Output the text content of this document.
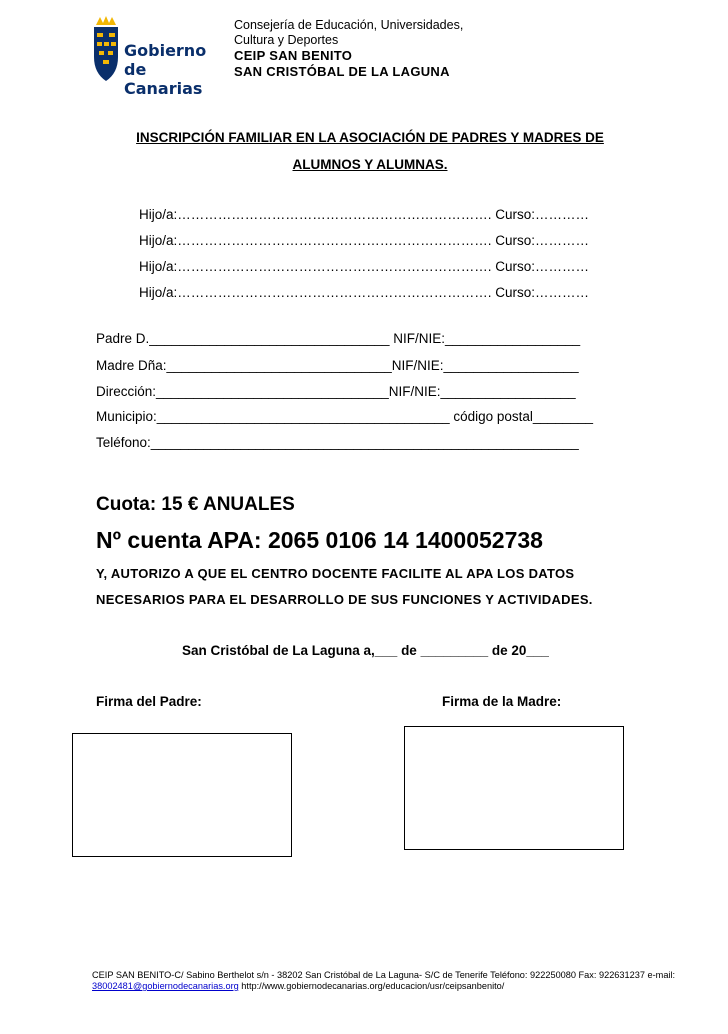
Gobierno
de Canarias
Consejería de Educación, Universidades,
Cultura y Deportes
CEIP SAN BENITO
SAN CRISTÓBAL DE LA LAGUNA
INSCRIPCIÓN FAMILIAR EN LA ASOCIACIÓN DE PADRES Y MADRES DE
ALUMNOS Y ALUMNAS.
Hijo/a:……………………………………………………………. Curso:…………
Hijo/a:……………………………………………………………. Curso:…………
Hijo/a:……………………………………………………………. Curso:…………
Hijo/a:……………………………………………………………. Curso:…………
Padre D.________________________________ NIF/NIE:__________________
Madre Dña:______________________________NIF/NIE:__________________
Dirección:_______________________________NIF/NIE:__________________
Municipio:_______________________________________ código postal________
Teléfono:_________________________________________________________
Cuota: 15 € ANUALES
Nº cuenta APA: 2065 0106 14 1400052738
Y, AUTORIZO A QUE EL CENTRO DOCENTE FACILITE AL APA LOS DATOS
NECESARIOS PARA EL DESARROLLO DE SUS FUNCIONES Y ACTIVIDADES.
San Cristóbal de La Laguna a,___ de _________ de 20___
Firma del Padre:	Firma de la Madre:
CEIP SAN BENITO-C/ Sabino Berthelot s/n - 38202 San Cristóbal de La Laguna- S/C de Tenerife Teléfono: 922250080 Fax: 922631237 e-mail:
38002481@gobiernodecanarias.org http://www.gobiernodecanarias.org/educacion/usr/ceipsanbenito/
